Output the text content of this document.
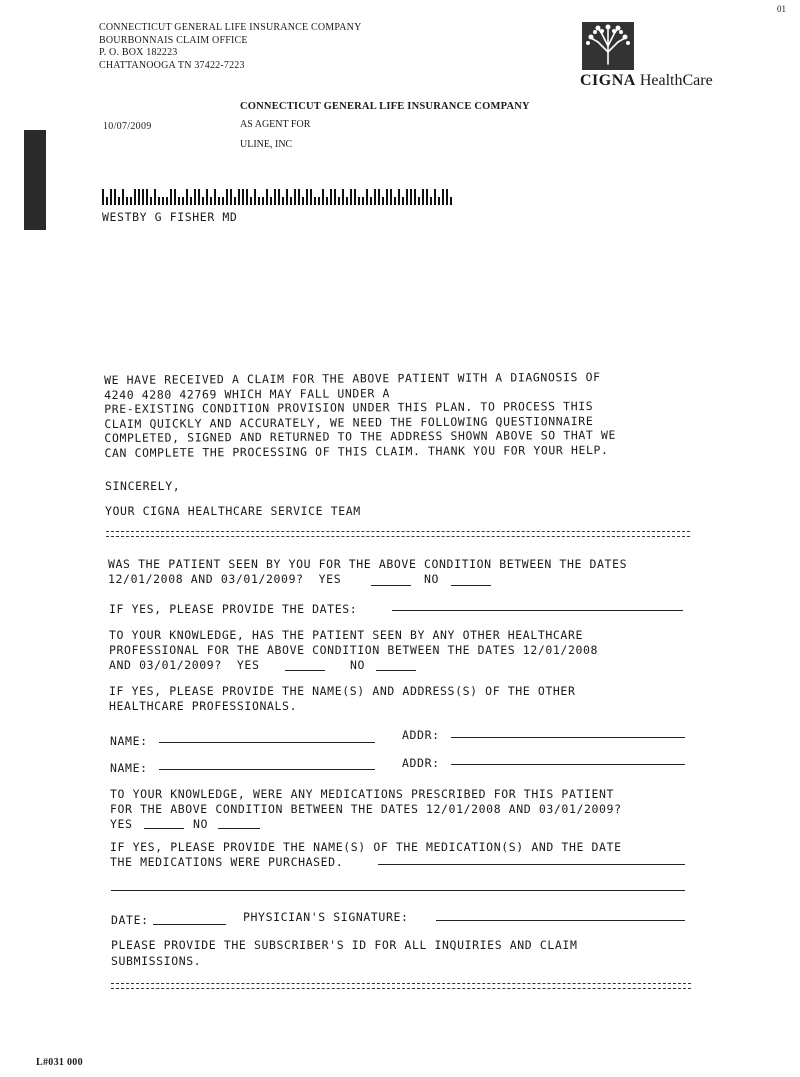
01
CONNECTICUT GENERAL LIFE INSURANCE COMPANY
BOURBONNAIS CLAIM OFFICE
P. O. BOX 182223
CHATTANOOGA TN 37422-7223
CIGNA HealthCare
CONNECTICUT GENERAL LIFE INSURANCE COMPANY
10/07/2009	AS AGENT FOR
ULINE, INC
WESTBY G FISHER MD
WE HAVE RECEIVED A CLAIM FOR THE ABOVE PATIENT WITH A DIAGNOSIS OF
4240 4280 42769 WHICH MAY FALL UNDER A
PRE-EXISTING CONDITION PROVISION UNDER THIS PLAN. TO PROCESS THIS
CLAIM QUICKLY AND ACCURATELY, WE NEED THE FOLLOWING QUESTIONNAIRE
COMPLETED, SIGNED AND RETURNED TO THE ADDRESS SHOWN ABOVE SO THAT WE
CAN COMPLETE THE PROCESSING OF THIS CLAIM. THANK YOU FOR YOUR HELP.
SINCERELY,
YOUR CIGNA HEALTHCARE SERVICE TEAM
WAS THE PATIENT SEEN BY YOU FOR THE ABOVE CONDITION BETWEEN THE DATES
12/01/2008 AND 03/01/2009?  YES	NO
IF YES, PLEASE PROVIDE THE DATES:
TO YOUR KNOWLEDGE, HAS THE PATIENT SEEN BY ANY OTHER HEALTHCARE
PROFESSIONAL FOR THE ABOVE CONDITION BETWEEN THE DATES 12/01/2008
AND 03/01/2009?  YES	NO
IF YES, PLEASE PROVIDE THE NAME(S) AND ADDRESS(S) OF THE OTHER
HEALTHCARE PROFESSIONALS.
NAME:	ADDR:
NAME:	ADDR:
TO YOUR KNOWLEDGE, WERE ANY MEDICATIONS PRESCRIBED FOR THIS PATIENT
FOR THE ABOVE CONDITION BETWEEN THE DATES 12/01/2008 AND 03/01/2009?
YES	NO
IF YES, PLEASE PROVIDE THE NAME(S) OF THE MEDICATION(S) AND THE DATE
THE MEDICATIONS WERE PURCHASED.
DATE:	PHYSICIAN'S SIGNATURE:
PLEASE PROVIDE THE SUBSCRIBER'S ID FOR ALL INQUIRIES AND CLAIM
SUBMISSIONS.
L#031 000
